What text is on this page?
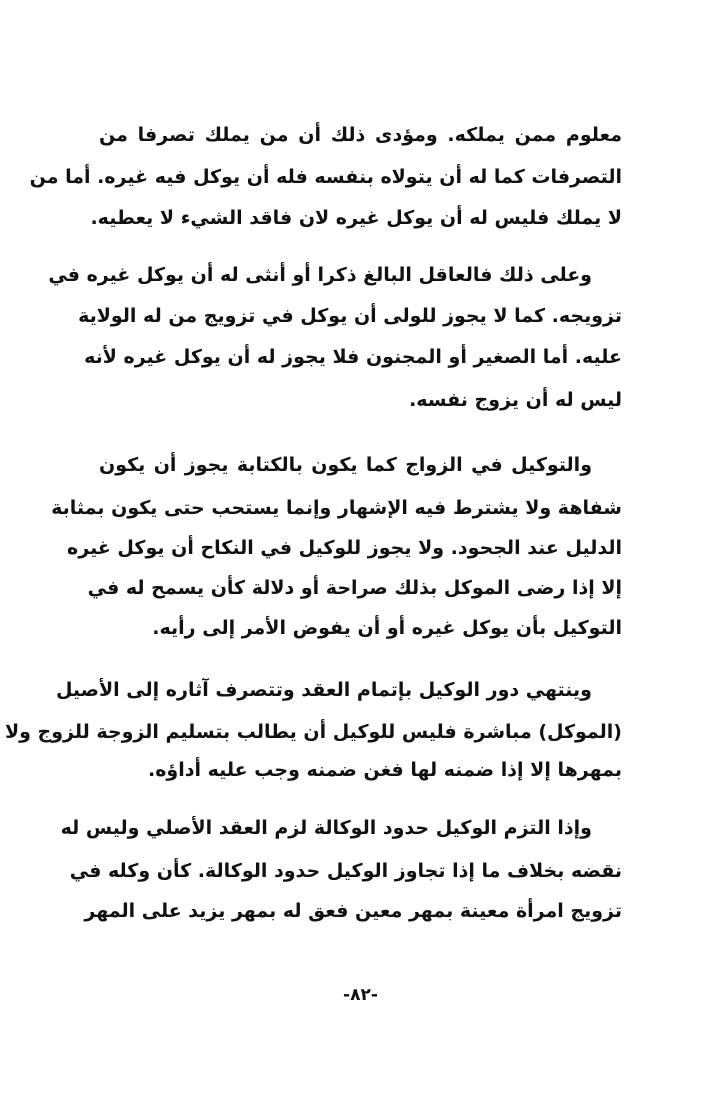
معلوم ممن يملكه. ومؤدى ذلك أن من يملك تصرفا من
التصرفات كما له أن يتولاه بنفسه فله أن يوكل فيه غيره. أما من
لا يملك فليس له أن يوكل غيره لان فاقد الشيء لا يعطيه.
وعلى ذلك فالعاقل البالغ ذكرا أو أنثى له أن يوكل غيره في
تزويجه. كما لا يجوز للولى أن يوكل في تزويج من له الولاية
عليه. أما الصغير أو المجنون فلا يجوز له أن يوكل غيره لأنه
ليس له أن يزوج نفسه.
والتوكيل في الزواج كما يكون بالكتابة يجوز أن يكون
شفاهة ولا يشترط فيه الإشهار وإنما يستحب حتى يكون بمثابة
الدليل عند الجحود. ولا يجوز للوكيل في النكاح أن يوكل غيره
إلا إذا رضى الموكل بذلك صراحة أو دلالة كأن يسمح له في
التوكيل بأن يوكل غيره أو أن يفوض الأمر إلى رأيه.
وينتهي دور الوكيل بإتمام العقد وتتصرف آثاره إلى الأصيل
(الموكل) مباشرة فليس للوكيل أن يطالب بتسليم الزوجة للزوج ولا
بمهرها إلا إذا ضمنه لها فغن ضمنه وجب عليه أداؤه.
وإذا التزم الوكيل حدود الوكالة لزم العقد الأصلي وليس له
نقضه بخلاف ما إذا تجاوز الوكيل حدود الوكالة. كأن وكله في
تزويج امرأة معينة بمهر معين فعق له بمهر يزيد على المهر
-٨٢-
